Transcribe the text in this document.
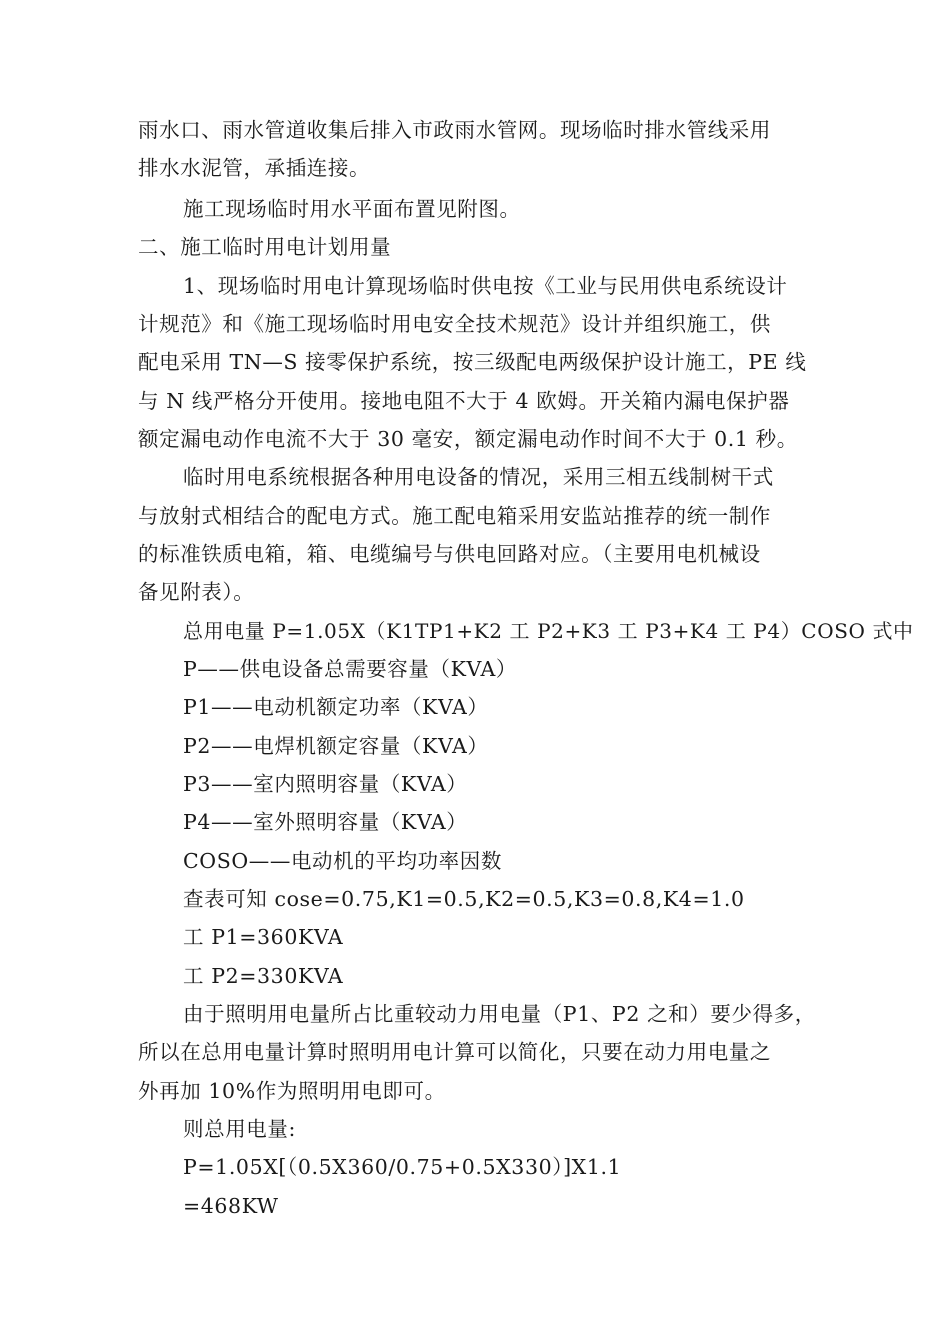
雨水口、雨水管道收集后排入市政雨水管网。现场临时排水管线采用
排水水泥管，承插连接。
施工现场临时用水平面布置见附图。
二、施工临时用电计划用量
1、现场临时用电计算现场临时供电按《工业与民用供电系统设计
计规范》和《施工现场临时用电安全技术规范》设计并组织施工，供
配电采用 TN—S 接零保护系统，按三级配电两级保护设计施工，PE 线
与 N 线严格分开使用。接地电阻不大于 4 欧姆。开关箱内漏电保护器
额定漏电动作电流不大于 30 毫安，额定漏电动作时间不大于 0.1 秒。
临时用电系统根据各种用电设备的情况，采用三相五线制树干式
与放射式相结合的配电方式。施工配电箱采用安监站推荐的统一制作
的标准铁质电箱，箱、电缆编号与供电回路对应。（主要用电机械设
备见附表）。
总用电量 P=1.05X（K1TP1+K2 工 P2+K3 工 P3+K4 工 P4）COSO 式中
P——供电设备总需要容量（KVA）
P1——电动机额定功率（KVA）
P2——电焊机额定容量（KVA）
P3——室内照明容量（KVA）
P4——室外照明容量（KVA）
COSO——电动机的平均功率因数
查表可知 cose=0.75,K1=0.5,K2=0.5,K3=0.8,K4=1.0
工 P1=360KVA
工 P2=330KVA
由于照明用电量所占比重较动力用电量（P1、P2 之和）要少得多，
所以在总用电量计算时照明用电计算可以简化，只要在动力用电量之
外再加 10%作为照明用电即可。
则总用电量:
P=1.05X[（0.5X360/0.75+0.5X330）]X1.1
=468KW
